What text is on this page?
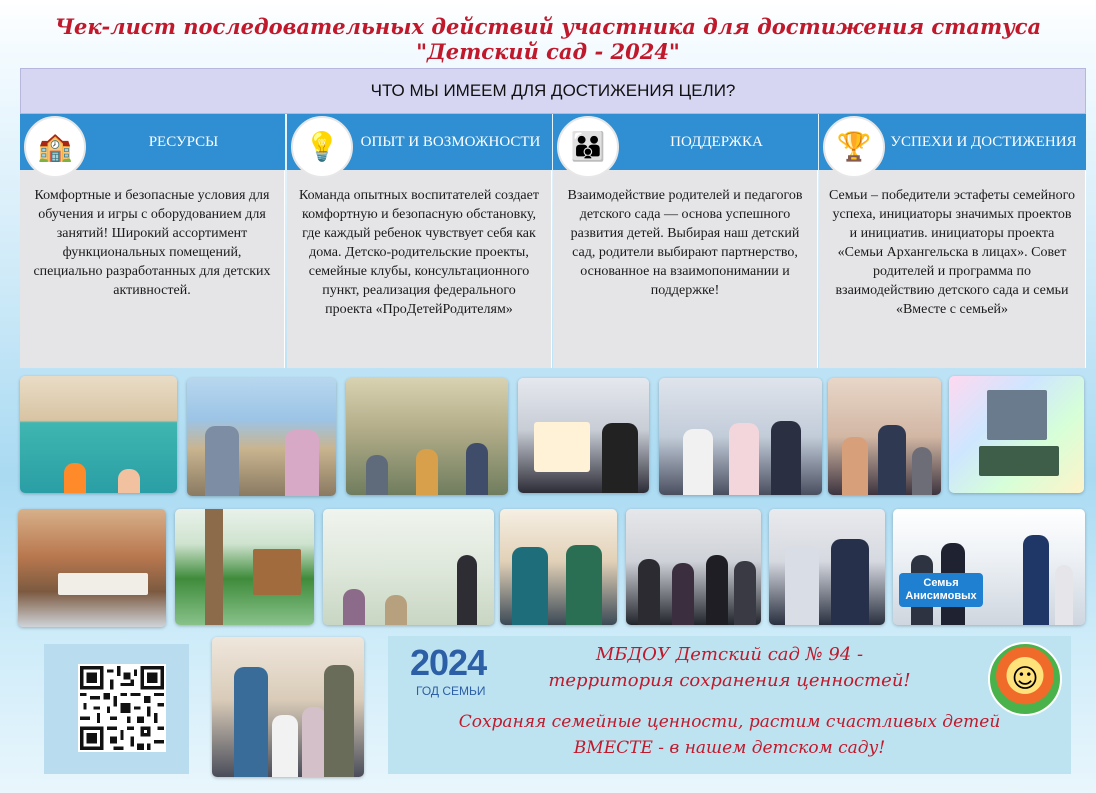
Чек-лист последовательных действий участника для достижения статуса "Детский сад - 2024"
ЧТО МЫ ИМЕЕМ ДЛЯ ДОСТИЖЕНИЯ ЦЕЛИ?
🏫	РЕСУРСЫ
Комфортные и безопасные условия для обучения и игры с оборудованием для занятий! Широкий ассортимент функциональных помещений, специально разработанных для детских активностей.
💡	ОПЫТ И ВОЗМОЖНОСТИ
Команда опытных воспитателей создает комфортную и безопасную обстановку, где каждый ребенок чувствует себя как дома. Детско-родительские проекты, семейные клубы, консультационного пункт, реализация федерального проекта «ПроДетейРодителям»
👪	ПОДДЕРЖКА
Взаимодействие родителей и педагогов детского сада — основа успешного развития детей. Выбирая наш детский сад, родители выбирают партнерство, основанное на взаимопонимании и поддержке!
🏆	УСПЕХИ И ДОСТИЖЕНИЯ
Семьи – победители эстафеты семейного успеха, инициаторы значимых проектов и инициатив. инициаторы проекта «Семьи Архангельска в лицах». Совет родителей и программа по взаимодействию детского сада и семьи «Вместе с семьей»
Семья Анисимовых
2024
ГОД СЕМЬИ
МБДОУ Детский сад № 94 -
территория сохранения ценностей!
Сохраняя семейные ценности, растим счастливых детей
ВМЕСТЕ - в нашем детском саду!
☺
